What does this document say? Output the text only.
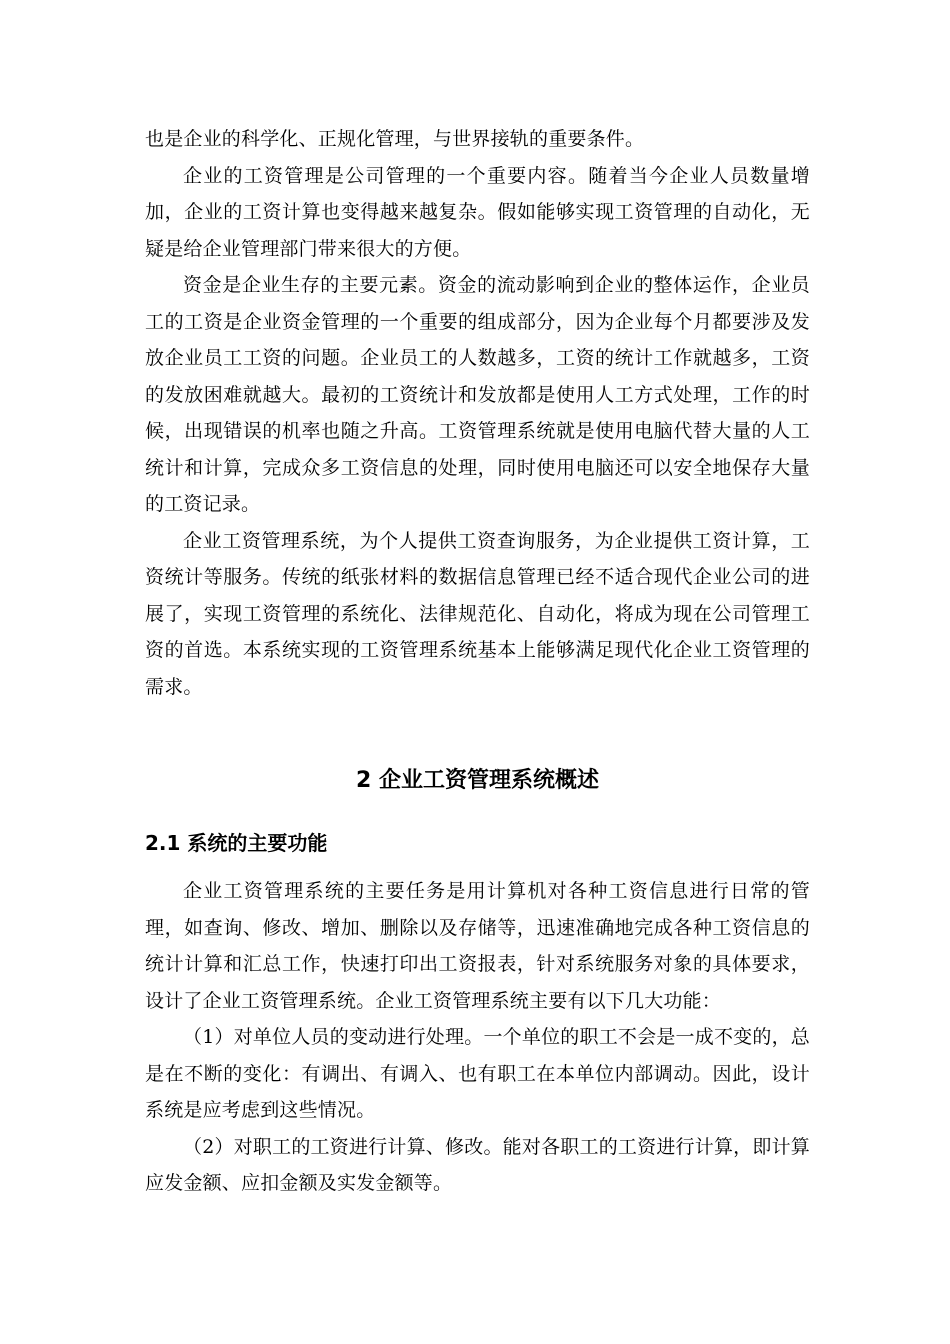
也是企业的科学化、正规化管理，与世界接轨的重要条件。

企业的工资管理是公司管理的一个重要内容。随着当今企业人员数量增加，企业的工资计算也变得越来越复杂。假如能够实现工资管理的自动化，无疑是给企业管理部门带来很大的方便。

资金是企业生存的主要元素。资金的流动影响到企业的整体运作，企业员工的工资是企业资金管理的一个重要的组成部分，因为企业每个月都要涉及发放企业员工工资的问题。企业员工的人数越多，工资的统计工作就越多，工资的发放困难就越大。最初的工资统计和发放都是使用人工方式处理，工作的时候，出现错误的机率也随之升高。工资管理系统就是使用电脑代替大量的人工统计和计算，完成众多工资信息的处理，同时使用电脑还可以安全地保存大量的工资记录。

企业工资管理系统，为个人提供工资查询服务，为企业提供工资计算，工资统计等服务。传统的纸张材料的数据信息管理已经不适合现代企业公司的进展了，实现工资管理的系统化、法律规范化、自动化，将成为现在公司管理工资的首选。本系统实现的工资管理系统基本上能够满足现代化企业工资管理的需求。

2 企业工资管理系统概述
2.1 系统的主要功能

企业工资管理系统的主要任务是用计算机对各种工资信息进行日常的管理，如查询、修改、增加、删除以及存储等，迅速准确地完成各种工资信息的统计计算和汇总工作，快速打印出工资报表，针对系统服务对象的具体要求，设计了企业工资管理系统。企业工资管理系统主要有以下几大功能：

（1）对单位人员的变动进行处理。一个单位的职工不会是一成不变的，总是在不断的变化：有调出、有调入、也有职工在本单位内部调动。因此，设计系统是应考虑到这些情况。

（2）对职工的工资进行计算、修改。能对各职工的工资进行计算，即计算应发金额、应扣金额及实发金额等。
